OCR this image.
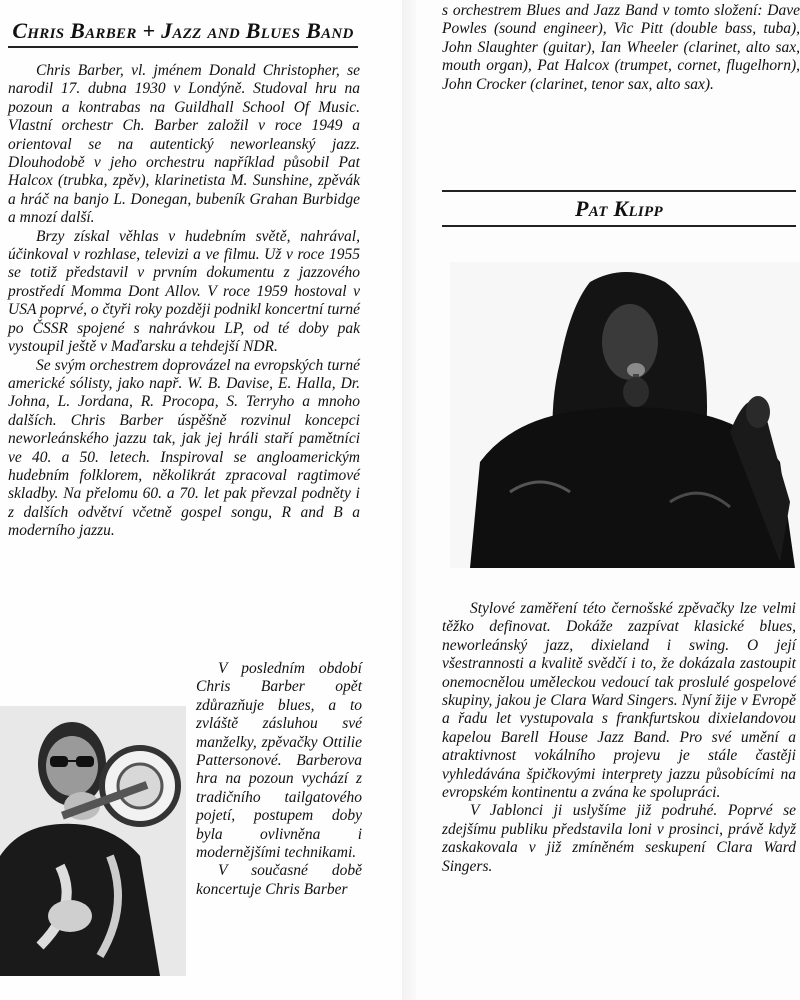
Chris Barber + Jazz and Blues Band

Chris Barber, vl. jménem Donald Christopher, se narodil 17. dubna 1930 v Londýně. Studoval hru na pozoun a kontrabas na Guildhall School Of Music. Vlastní orchestr Ch. Barber založil v roce 1949 a orientoval se na autentický neworleanský jazz. Dlouhodobě v jeho orchestru například působil Pat Halcox (trubka, zpěv), klarinetista M. Sunshine, zpěvák a hráč na banjo L. Donegan, bubeník Grahan Burbidge a mnozí další.

Brzy získal věhlas v hudebním světě, nahrával, účinkoval v rozhlase, televizi a ve filmu. Už v roce 1955 se totiž představil v prvním dokumentu z jazzového prostředí Momma Dont Allov. V roce 1959 hostoval v USA poprvé, o čtyři roky později podnikl koncertní turné po ČSSR spojené s nahrávkou LP, od té doby pak vystoupil ještě v Maďarsku a tehdejší NDR.

Se svým orchestrem doprovázel na evropských turné americké sólisty, jako např. W. B. Davise, E. Halla, Dr. Johna, L. Jordana, R. Procopa, S. Terryho a mnoho dalších. Chris Barber úspěšně rozvinul koncepci neworleánského jazzu tak, jak jej hráli staří pamětníci ve 40. a 50. letech. Inspiroval se angloamerickým hudebním folklorem, několikrát zpracoval ragtimové skladby. Na přelomu 60. a 70. let pak převzal podněty i z dalších odvětví včetně gospel songu, R and B a moderního jazzu.

V posledním období Chris Barber opět zdůrazňuje blues, a to zvláště zásluhou své manželky, zpěvačky Ottilie Pattersonové. Barberova hra na pozoun vychází z tradičního tailgatového pojetí, postupem doby byla ovlivněna i modernějšími technikami.

V současné době koncertuje Chris Barber

s orchestrem Blues and Jazz Band v tomto složení: Dave Powles (sound engineer), Vic Pitt (double bass, tuba), John Slaughter (guitar), Ian Wheeler (clarinet, alto sax, mouth organ), Pat Halcox (trumpet, cornet, flugelhorn), John Crocker (clarinet, tenor sax, alto sax).

Pat Klipp

Stylové zaměření této černošské zpěvačky lze velmi těžko definovat. Dokáže zazpívat klasické blues, neworleánský jazz, dixieland i swing. O její všestrannosti a kvalitě svědčí i to, že dokázala zastoupit onemocnělou uměleckou vedoucí tak proslulé gospelové skupiny, jakou je Clara Ward Singers. Nyní žije v Evropě a řadu let vystupovala s frankfurtskou dixielandovou kapelou Barell House Jazz Band. Pro své umění a atraktivnost vokálního projevu je stále častěji vyhledávána špičkovými interprety jazzu působícími na evropském kontinentu a zvána ke spolupráci.

V Jablonci ji uslyšíme již podruhé. Poprvé se zdejšímu publiku představila loni v prosinci, právě když zaskakovala v již zmíněném seskupení Clara Ward Singers.
